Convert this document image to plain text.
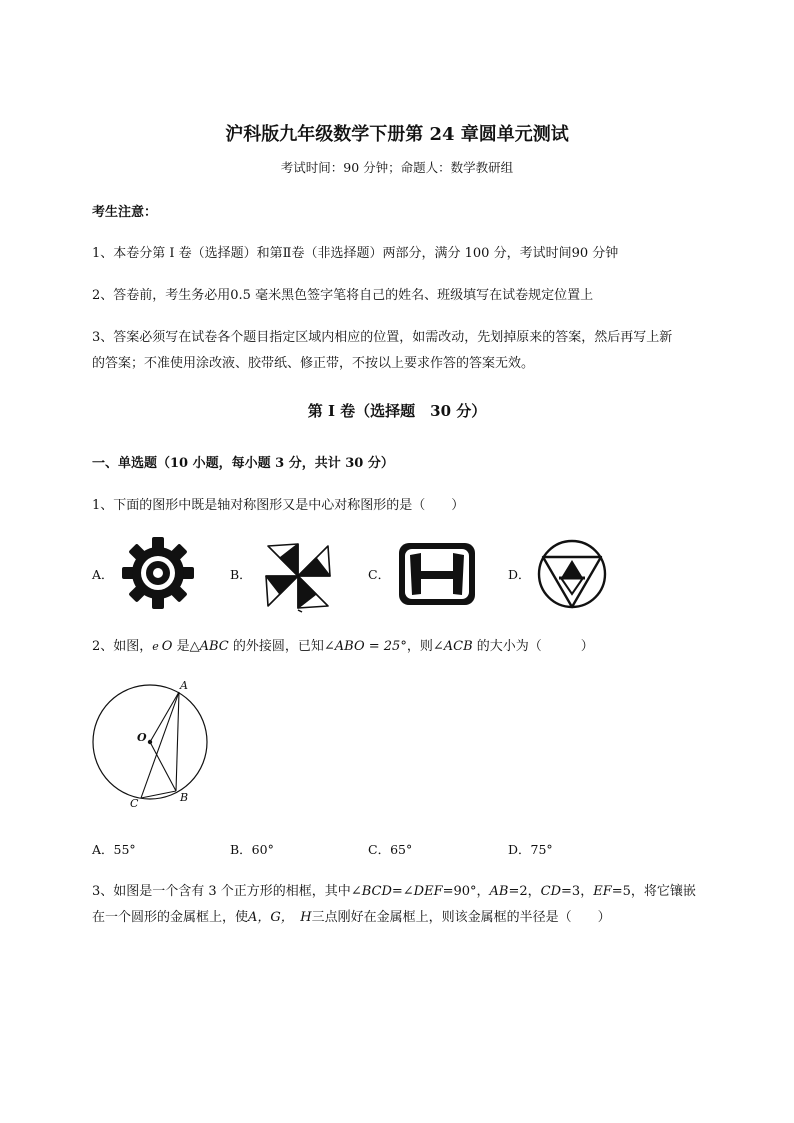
沪科版九年级数学下册第 24 章圆单元测试
考试时间：90 分钟；命题人：数学教研组
考生注意：
1、本卷分第 I 卷（选择题）和第Ⅱ卷（非选择题）两部分，满分 100 分，考试时间90 分钟
2、答卷前，考生务必用0.5 毫米黑色签字笔将自己的姓名、班级填写在试卷规定位置上
3、答案必须写在试卷各个题目指定区域内相应的位置，如需改动，先划掉原来的答案，然后再写上新
的答案；不准使用涂改液、胶带纸、修正带，不按以上要求作答的答案无效。
第 I 卷（选择题　30 分）
一、单选题（10 小题，每小题 3 分，共计 30 分）
1、下面的图形中既是轴对称图形又是中心对称图形的是（　　）
A．	B．	C．	D．
2、如图，e O 是△ABC 的外接圆，已知∠ABO = 25°，则∠ACB 的大小为（　　　）
A
O
B
C
A．55°	B．60°	C．65°	D．75°
3、如图是一个含有 3 个正方形的相框，其中∠BCD=∠DEF=90°，AB=2，CD=3，EF=5，将它镶嵌
在一个圆形的金属框上，使A，G，　H三点刚好在金属框上，则该金属框的半径是（　　）
